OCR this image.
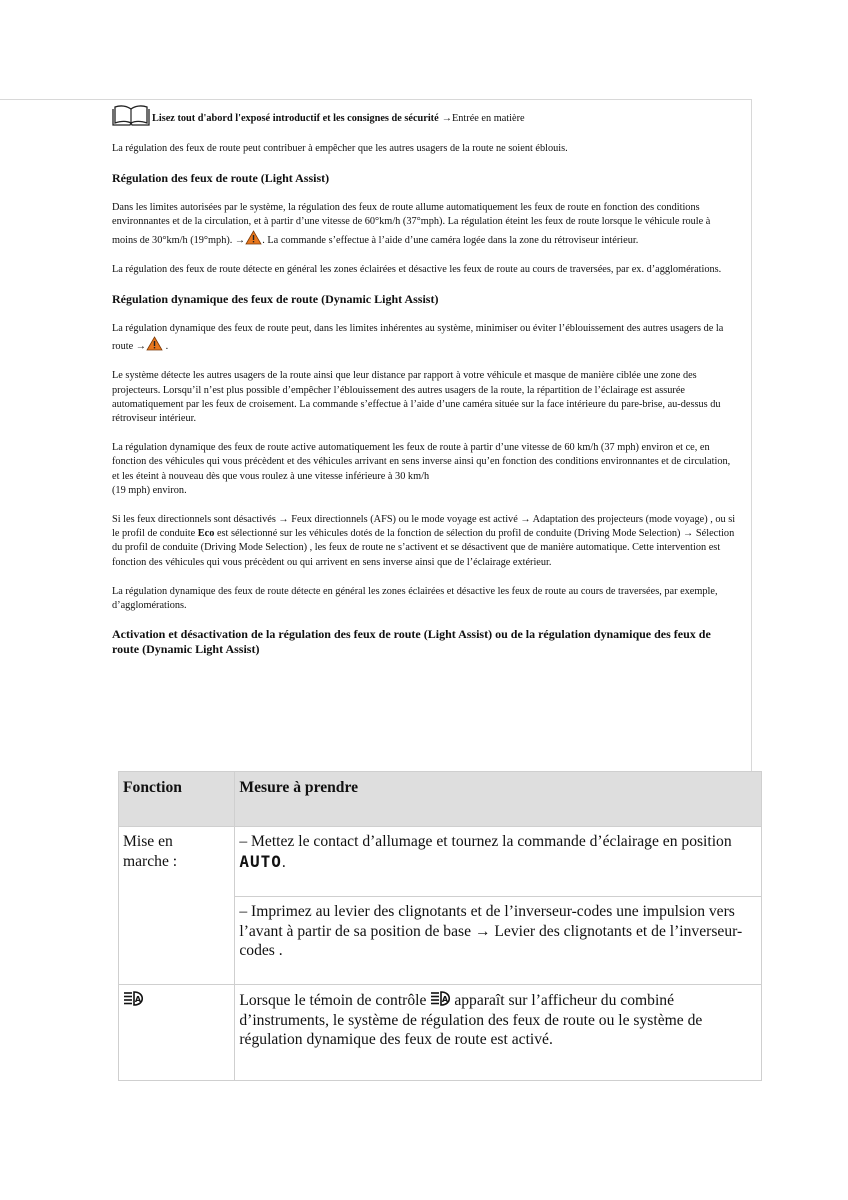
Lisez tout d'abord l'exposé introductif et les consignes de sécurité →Entrée en matière

La régulation des feux de route peut contribuer à empêcher que les autres usagers de la route ne soient éblouis.

Régulation des feux de route (Light Assist)

Dans les limites autorisées par le système, la régulation des feux de route allume automatiquement les feux de route en fonction des conditions environnantes et de la circulation, et à partir d’une vitesse de 60°km/h (37°mph). La régulation éteint les feux de route lorsque le véhicule roule à moins de 30°km/h (19°mph). → . La commande s’effectue à l’aide d’une caméra logée dans la zone du rétroviseur intérieur.

La régulation des feux de route détecte en général les zones éclairées et désactive les feux de route au cours de traversées, par ex. d’agglomérations.

Régulation dynamique des feux de route (Dynamic Light Assist)

La régulation dynamique des feux de route peut, dans les limites inhérentes au système, minimiser ou éviter l’éblouissement des autres usagers de la route → .

Le système détecte les autres usagers de la route ainsi que leur distance par rapport à votre véhicule et masque de manière ciblée une zone des projecteurs. Lorsqu’il n’est plus possible d’empêcher l’éblouissement des autres usagers de la route, la répartition de l’éclairage est assurée automatiquement par les feux de croisement. La commande s’effectue à l’aide d’une caméra située sur la face intérieure du pare-brise, au-dessus du rétroviseur intérieur.

La régulation dynamique des feux de route active automatiquement les feux de route à partir d’une vitesse de 60 km/h (37 mph) environ et ce, en fonction des véhicules qui vous précèdent et des véhicules arrivant en sens inverse ainsi qu’en fonction des conditions environnantes et de circulation, et les éteint à nouveau dès que vous roulez à une vitesse inférieure à 30 km/h
(19 mph) environ.

Si les feux directionnels sont désactivés → Feux directionnels (AFS) ou le mode voyage est activé → Adaptation des projecteurs (mode voyage) , ou si le profil de conduite Eco est sélectionné sur les véhicules dotés de la fonction de sélection du profil de conduite (Driving Mode Selection) → Sélection du profil de conduite (Driving Mode Selection) , les feux de route ne s’activent et se désactivent que de manière automatique. Cette intervention est fonction des véhicules qui vous précèdent ou qui arrivent en sens inverse ainsi que de l’éclairage extérieur.

La régulation dynamique des feux de route détecte en général les zones éclairées et désactive les feux de route au cours de traversées, par exemple, d’agglomérations.

Activation et désactivation de la régulation des feux de route (Light Assist) ou de la régulation dynamique des feux de route (Dynamic Light Assist)
Fonction	Mesure à prendre
Mise en marche :	– Mettez le contact d’allumage et tournez la commande d’éclairage en position AUTO.
	– Imprimez au levier des clignotants et de l’inverseur-codes une impulsion vers l’avant à partir de sa position de base → Levier des clignotants et de l’inverseur-codes .

A	Lorsque le témoin de contrôle A apparaît sur l’afficheur du combiné d’instruments, le système de régulation des feux de route ou le système de régulation dynamique des feux de route est activé.
